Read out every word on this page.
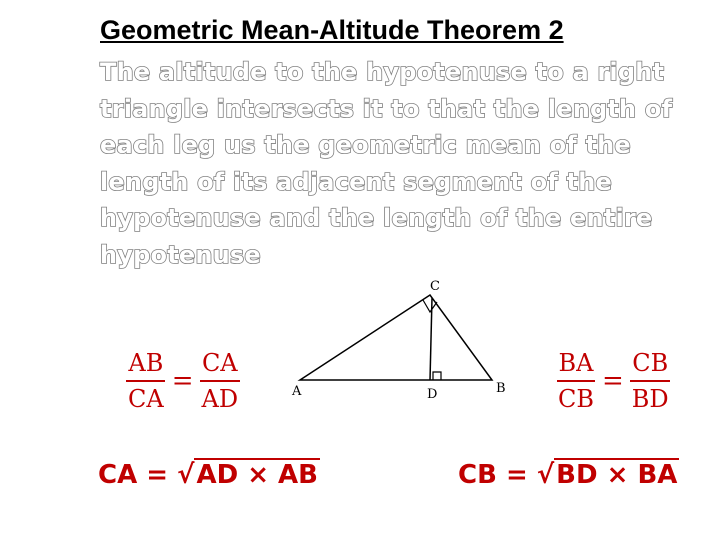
Geometric Mean-Altitude Theorem 2
The altitude to the hypotenuse to a right
triangle intersects it to that the length of
each leg us the geometric mean of the
length of its adjacent segment of the
hypotenuse and the length of the entire
hypotenuse
A	B
C
D
$\frac{AB}{CA} = \frac{CA}{AD}$	$\frac{BA}{CB} = \frac{CB}{BD}$
CA = √AD × AB	CB = √BD × BA
